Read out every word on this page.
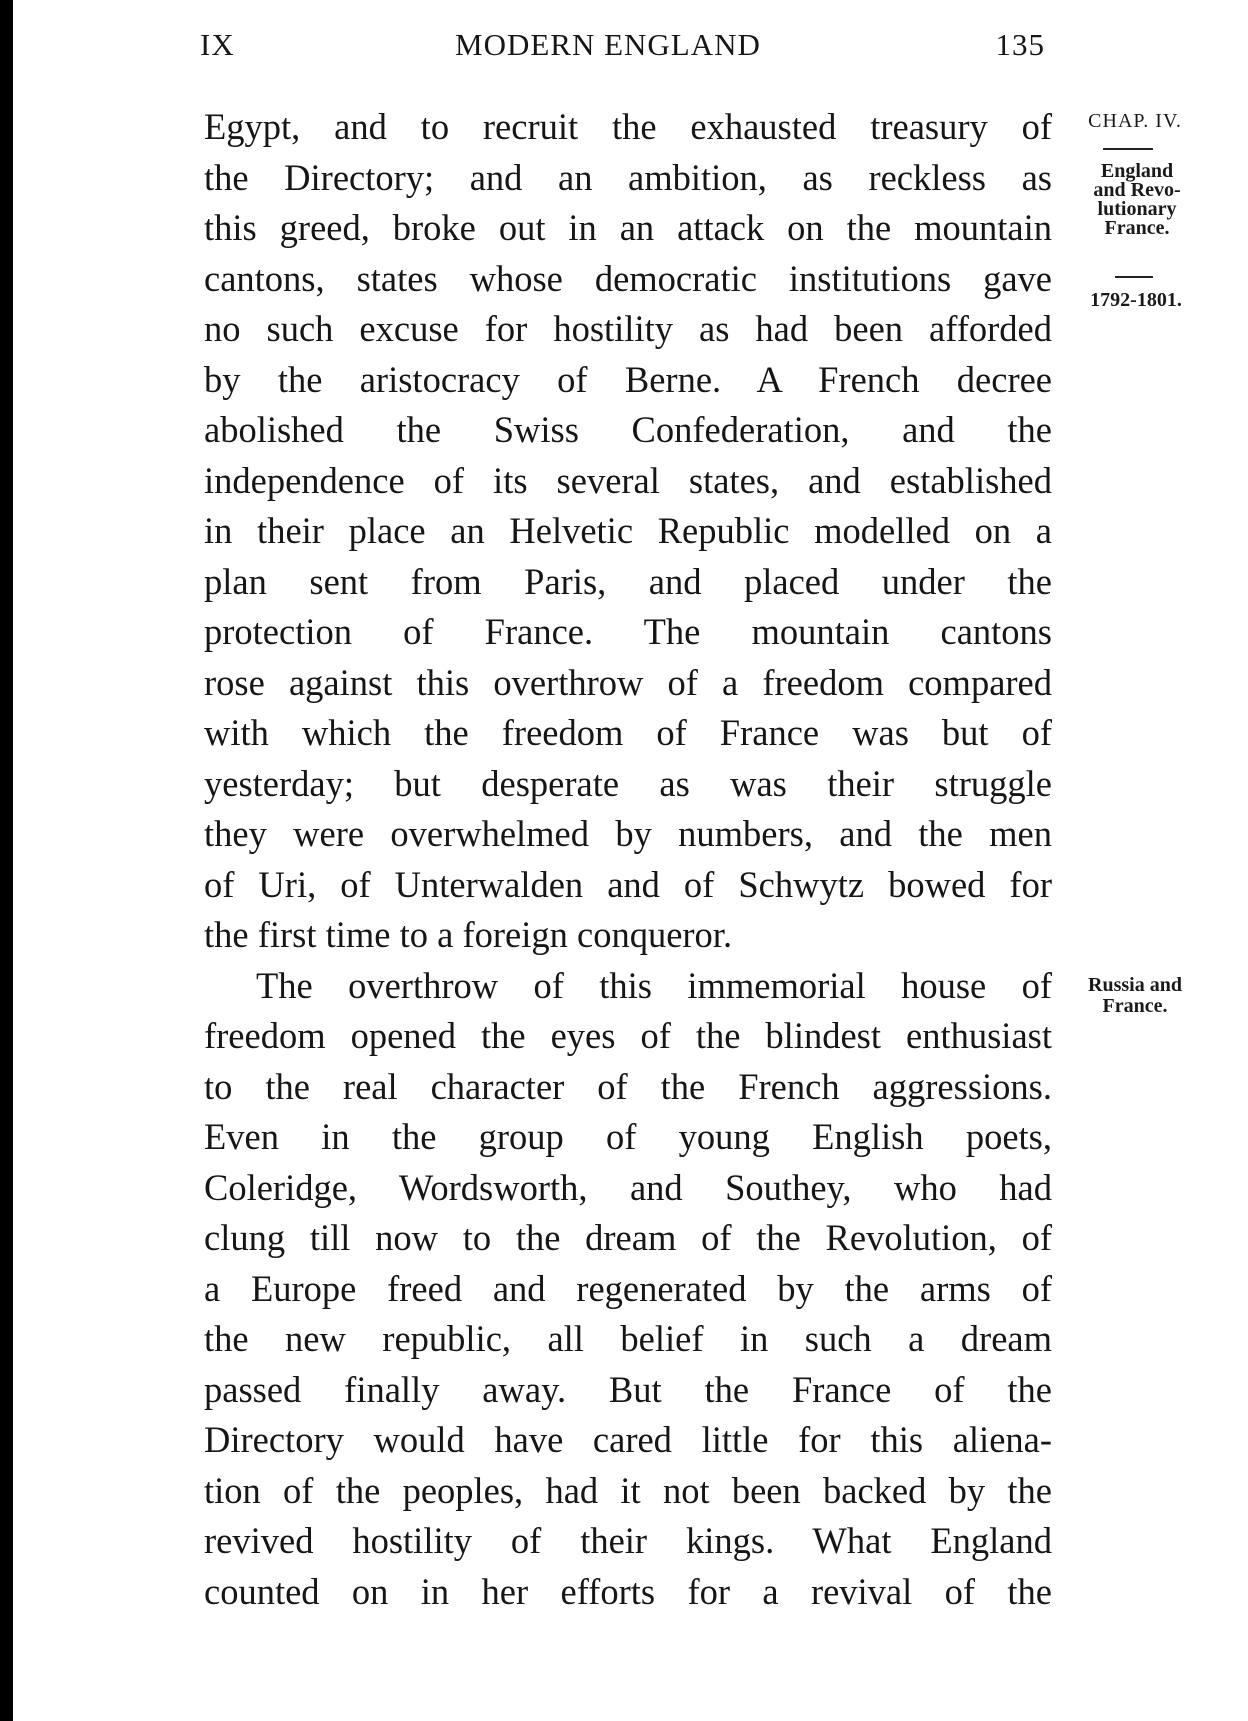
IX	MODERN ENGLAND	135
CHAP. IV.
England
and Revo-
lutionary
France.
1792-1801.
Russia and
France.
Egypt, and to recruit the exhausted treasury of
the Directory; and an ambition, as reckless as
this greed, broke out in an attack on the mountain
cantons, states whose democratic institutions gave
no such excuse for hostility as had been afforded
by the aristocracy of Berne. A French decree
abolished the Swiss Confederation, and the
independence of its several states, and established
in their place an Helvetic Republic modelled on a
plan sent from Paris, and placed under the
protection of France. The mountain cantons
rose against this overthrow of a freedom compared
with which the freedom of France was but of
yesterday; but desperate as was their struggle
they were overwhelmed by numbers, and the men
of Uri, of Unterwalden and of Schwytz bowed for
the first time to a foreign conqueror.
The overthrow of this immemorial house of
freedom opened the eyes of the blindest enthusiast
to the real character of the French aggressions.
Even in the group of young English poets,
Coleridge, Wordsworth, and Southey, who had
clung till now to the dream of the Revolution, of
a Europe freed and regenerated by the arms of
the new republic, all belief in such a dream
passed finally away. But the France of the
Directory would have cared little for this aliena-
tion of the peoples, had it not been backed by the
revived hostility of their kings. What England
counted on in her efforts for a revival of the
